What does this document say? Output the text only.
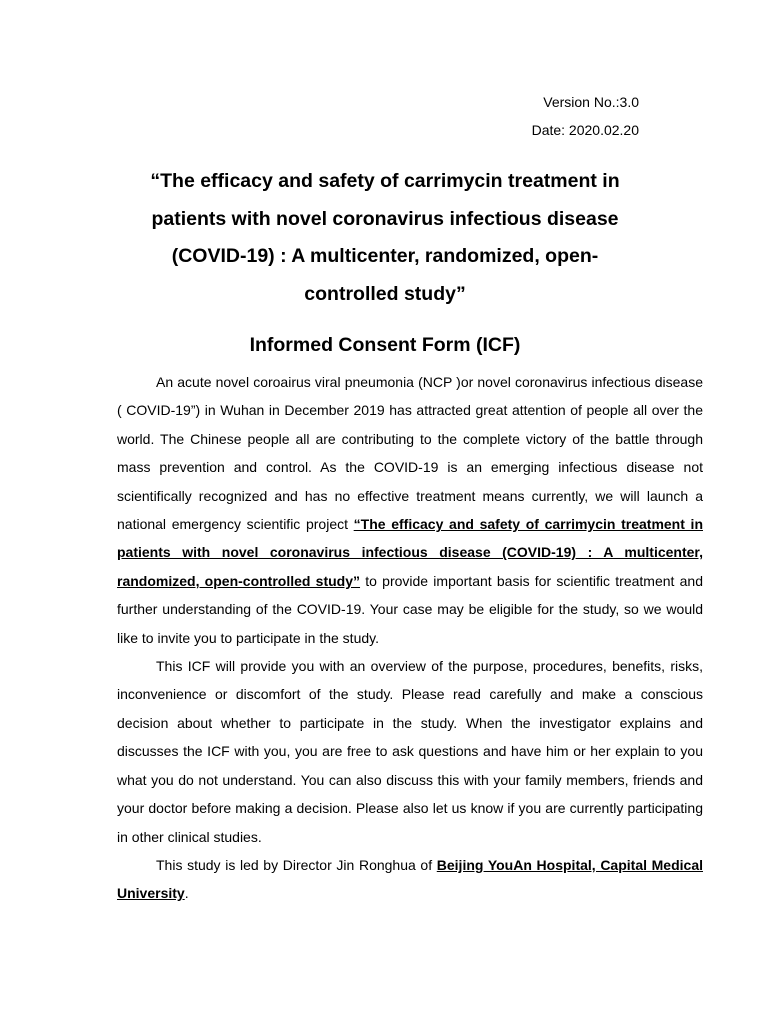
Version No.:3.0
Date: 2020.02.20
“The efficacy and safety of carrimycin treatment in
patients with novel coronavirus infectious disease
(COVID-19) : A multicenter, randomized, open-
controlled study”
Informed Consent Form (ICF)

An acute novel coroairus viral pneumonia (NCP )or novel coronavirus infectious disease ( COVID-19”) in Wuhan in December 2019 has attracted great attention of people all over the world. The Chinese people all are contributing to the complete victory of the battle through mass prevention and control. As the COVID-19 is an emerging infectious disease not scientifically recognized and has no effective treatment means currently, we will launch a national emergency scientific project “The efficacy and safety of carrimycin treatment in patients with novel coronavirus infectious disease (COVID-19) : A multicenter, randomized, open-controlled study” to provide important basis for scientific treatment and further understanding of the COVID-19. Your case may be eligible for the study, so we would like to invite you to participate in the study.

This ICF will provide you with an overview of the purpose, procedures, benefits, risks, inconvenience or discomfort of the study. Please read carefully and make a conscious decision about whether to participate in the study. When the investigator explains and discusses the ICF with you, you are free to ask questions and have him or her explain to you what you do not understand. You can also discuss this with your family members, friends and your doctor before making a decision. Please also let us know if you are currently participating in other clinical studies.

This study is led by Director Jin Ronghua of Beijing YouAn Hospital, Capital Medical University.
